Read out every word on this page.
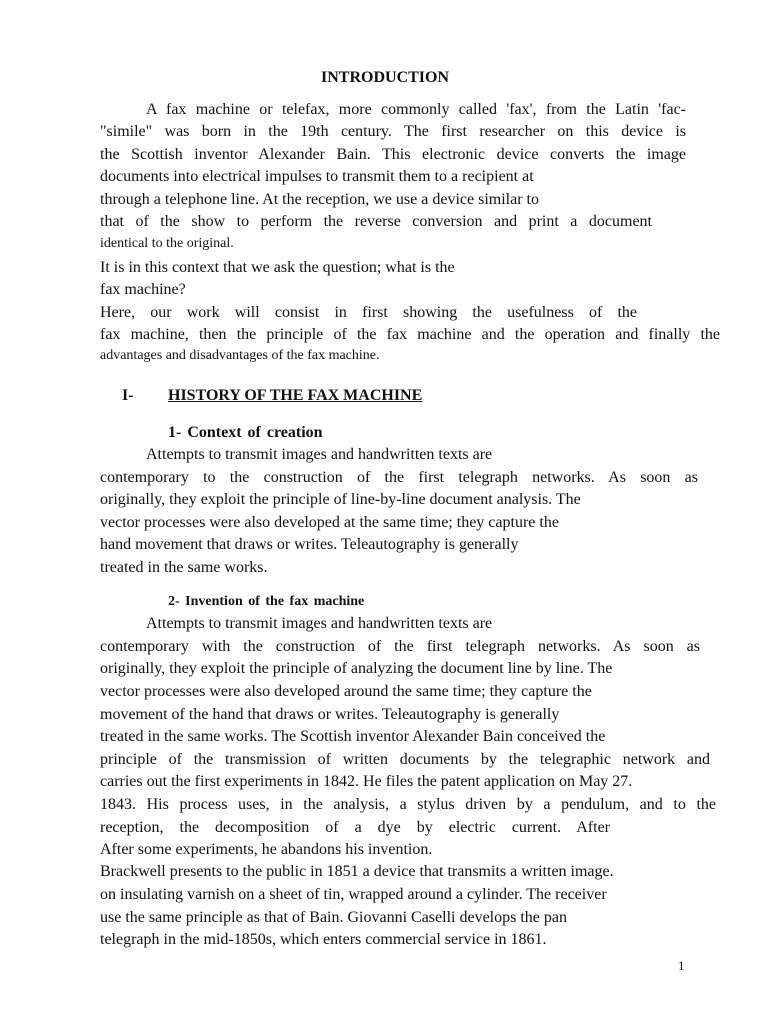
INTRODUCTION
A fax machine or telefax, more commonly called 'fax', from the Latin 'fac-
"simile" was born in the 19th century. The first researcher on this device is
the Scottish inventor Alexander Bain. This electronic device converts the image
documents into electrical impulses to transmit them to a recipient at
through a telephone line. At the reception, we use a device similar to
that of the show to perform the reverse conversion and print a document
identical to the original.
It is in this context that we ask the question; what is the
fax machine?
Here, our work will consist in first showing the usefulness of the
fax machine, then the principle of the fax machine and the operation and finally the
advantages and disadvantages of the fax machine.
I- HISTORY OF THE FAX MACHINE
1- Context of creation
Attempts to transmit images and handwritten texts are
contemporary to the construction of the first telegraph networks. As soon as
originally, they exploit the principle of line-by-line document analysis. The
vector processes were also developed at the same time; they capture the
hand movement that draws or writes. Teleautography is generally
treated in the same works.
2- Invention of the fax machine
Attempts to transmit images and handwritten texts are
contemporary with the construction of the first telegraph networks. As soon as
originally, they exploit the principle of analyzing the document line by line. The
vector processes were also developed around the same time; they capture the
movement of the hand that draws or writes. Teleautography is generally
treated in the same works. The Scottish inventor Alexander Bain conceived the
principle of the transmission of written documents by the telegraphic network and
carries out the first experiments in 1842. He files the patent application on May 27.
1843. His process uses, in the analysis, a stylus driven by a pendulum, and to the
reception, the decomposition of a dye by electric current. After
After some experiments, he abandons his invention.
Brackwell presents to the public in 1851 a device that transmits a written image.
on insulating varnish on a sheet of tin, wrapped around a cylinder. The receiver
use the same principle as that of Bain. Giovanni Caselli develops the pan
telegraph in the mid-1850s, which enters commercial service in 1861.
1
